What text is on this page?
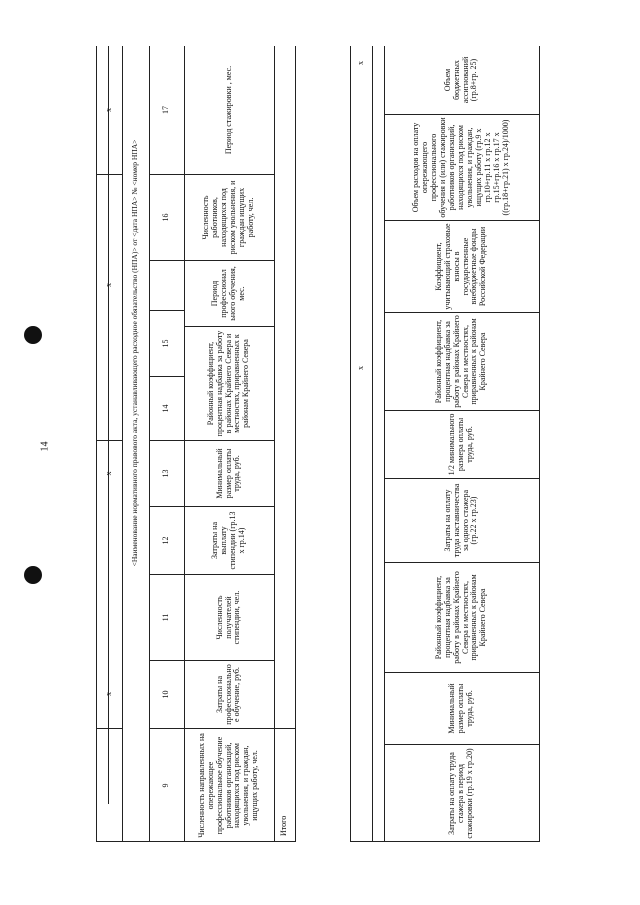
14
x
x
x
x
<Наименование нормативного правового акта, устанавливающего расходное обязательство (НПА)> от <дата НПА> № <номер НПА>
9
10
11
12
13
14
15
16
17
Численность направленных на опережающее профессиональное обучение работников организаций, находящихся под риском увольнения, и граждан, ищущих работу, чел.
Затраты на профессионально е обучение, руб.
Численность получателей стипендии, чел.
Затраты на выплату стипендии (гр.13 х гр.14)
Минимальный размер оплаты труда, руб.
Районный коэффициент, процентная надбавка за работу в районах Крайнего Севера и местностях, приравненных к районам Крайнего Севера
Период профессионал ьного обучения, мес.
Численность работников, находящихся под риском увольнения, и граждан ищущих работу, чел.
Период стажировки , мес.
Итого
x
x
Затраты на оплату труда стажера в период стажировки (гр.19 х гр.20)
Минимальный размер оплаты труда, руб.
Районный коэффициент, процентная надбавка за работу в районах Крайнего Севера и местностях, приравненных к районам Крайнего Севера
Затраты на оплату труда наставничества за одного стажера (гр.22 х гр.23)
1/2 минимального размера оплаты труда, руб.
Районный коэффициент, процентная надбавка за работу в районах Крайнего Севера и местностях, приравненных к районам Крайнего Севера
Коэффициент, учитывающий страховые взносы в государственные внебюджетные фонды Российской Федерации
Объем расходов на оплату опережающего профессионального обучения и (или) стажировки работников организаций, находящихся под риском увольнения, и граждан, ищущих работу (гр.9 х гр.10+гр.11 х гр.12 х гр.15+гр.16 х гр.17 х ((гр.18+гр.21) х гр.24)/1000)
Объем бюджетных ассигнований (гр.8+гр. 25)
